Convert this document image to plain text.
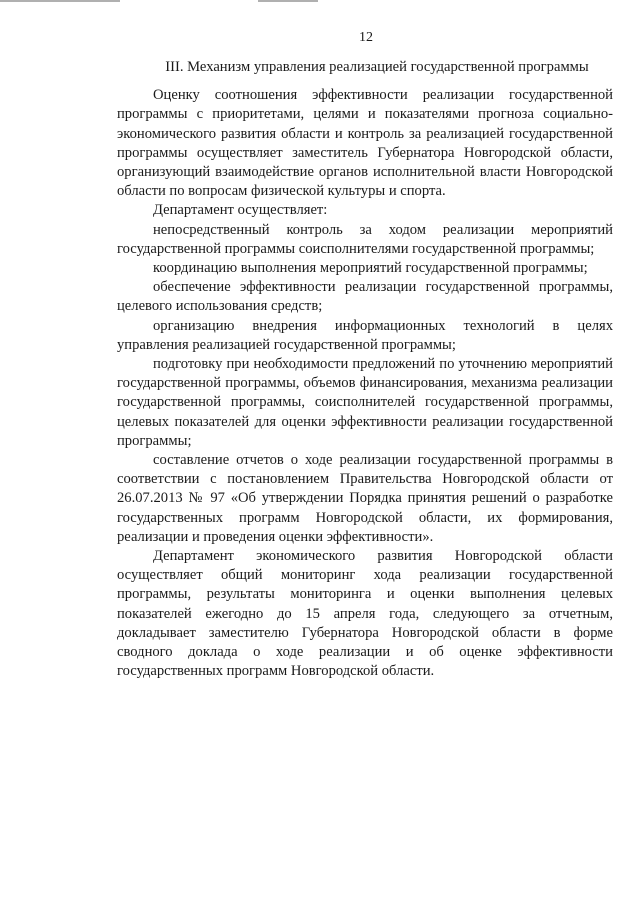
12
III. Механизм управления реализацией государственной программы

Оценку соотношения эффективности реализации государственной программы с приоритетами, целями и показателями прогноза социально-экономического развития области и контроль за реализацией государственной программы осуществляет заместитель Губернатора Новгородской области, организующий взаимодействие органов исполнительной власти Новгородской области по вопросам физической культуры и спорта.

Департамент осуществляет:

непосредственный контроль за ходом реализации мероприятий государственной программы соисполнителями государственной программы;

координацию выполнения мероприятий государственной программы;

обеспечение эффективности реализации государственной программы, целевого использования средств;

организацию внедрения информационных технологий в целях управления реализацией государственной программы;

подготовку при необходимости предложений по уточнению мероприятий государственной программы, объемов финансирования, механизма реализации государственной программы, соисполнителей государственной программы, целевых показателей для оценки эффективности реализации государственной программы;

составление отчетов о ходе реализации государственной программы в соответствии с постановлением Правительства Новгородской области от 26.07.2013 № 97 «Об утверждении Порядка принятия решений о разработке государственных программ Новгородской области, их формирования, реализации и проведения оценки эффективности».

Департамент экономического развития Новгородской области осуществляет общий мониторинг хода реализации государственной программы, результаты мониторинга и оценки выполнения целевых показателей ежегодно до 15 апреля года, следующего за отчетным, докладывает заместителю Губернатора Новгородской области в форме сводного доклада о ходе реализации и об оценке эффективности государственных программ Новгородской области.
